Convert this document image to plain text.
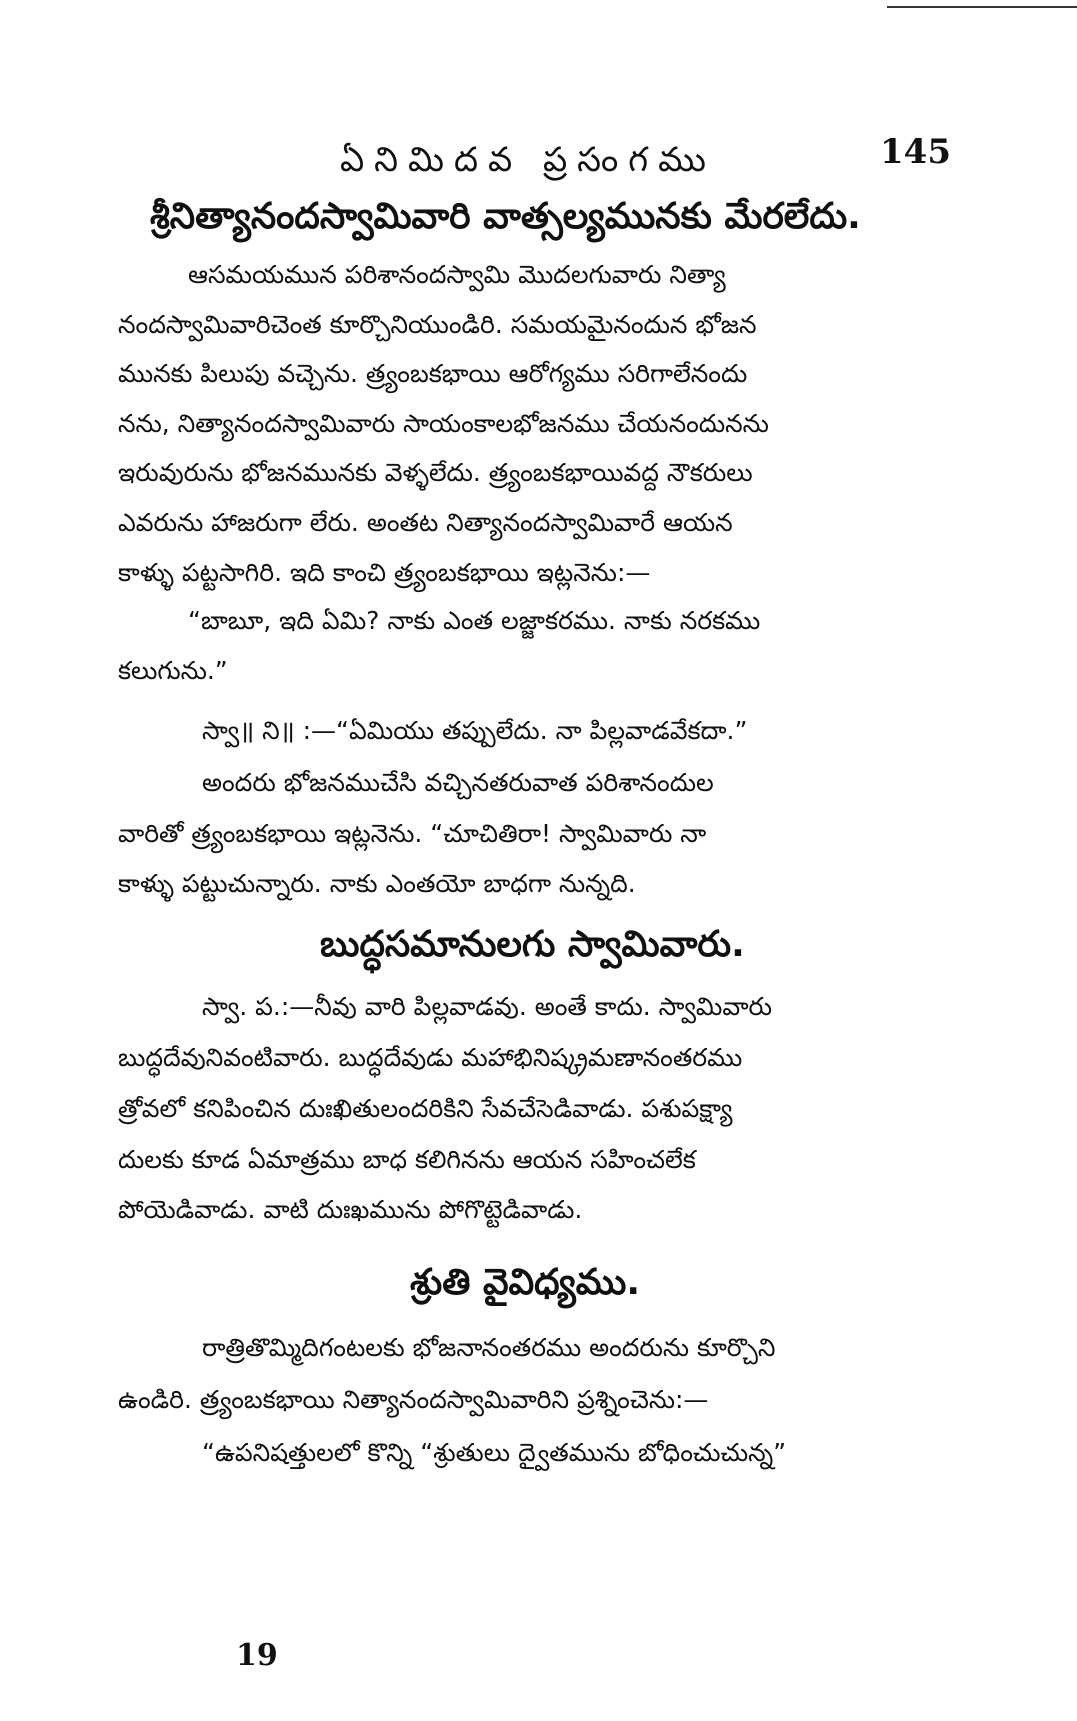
ఏనిమిదవ ప్రసంగము	145
శ్రీనిత్యానందస్వామివారి వాత్సల్యమునకు మేరలేదు.
ఆసమయమున పరిశానందస్వామి మొదలగువారు నిత్యా
నందస్వామివారిచెంత కూర్చొనియుండిరి. సమయమైనందున భోజన
మునకు పిలుపు వచ్చెను. త్ర్యంబకభాయి ఆరోగ్యము సరిగాలేనందు
నను, నిత్యానందస్వామివారు సాయంకాలభోజనము చేయనందునను
ఇరువురును భోజనమునకు వెళ్ళలేదు. త్ర్యంబకభాయివద్ద నౌకరులు
ఎవరును హాజరుగా లేరు. అంతట నిత్యానందస్వామివారే ఆయన
కాళ్ళు పట్టసాగిరి. ఇది కాంచి త్ర్యంబకభాయి ఇట్లనెను:—
“బాబూ, ఇది ఏమి? నాకు ఎంత లజ్జాకరము. నాకు నరకము
కలుగును.”
స్వా॥ ని॥ :—“ఏమియు తప్పులేదు. నా పిల్లవాడవేకదా.”
అందరు భోజనముచేసి వచ్చినతరువాత పరిశానందుల
వారితో త్ర్యంబకభాయి ఇట్లనెను. “చూచితిరా! స్వామివారు నా
కాళ్ళు పట్టుచున్నారు. నాకు ఎంతయో బాధగా నున్నది.
బుద్ధసమానులగు స్వామివారు.
స్వా. ప.:—నీవు వారి పిల్లవాడవు. అంతే కాదు. స్వామివారు
బుద్ధదేవునివంటివారు. బుద్ధదేవుడు మహాభినిష్క్రమణానంతరము
త్రోవలో కనిపించిన దుఃఖితులందరికిని సేవచేసెడివాడు. పశుపక్ష్యా
దులకు కూడ ఏమాత్రము బాధ కలిగినను ఆయన సహించలేక
పోయెడివాడు. వాటి దుఃఖమును పోగొట్టెడివాడు.
శ్రుతి వైవిధ్యము.
రాత్రితొమ్మిదిగంటలకు భోజనానంతరము అందరును కూర్చొని
ఉండిరి. త్ర్యంబకభాయి నిత్యానందస్వామివారిని ప్రశ్నించెను:—
“ఉపనిషత్తులలో కొన్ని “శ్రుతులు ద్వైతమును బోధించుచున్న”
19
